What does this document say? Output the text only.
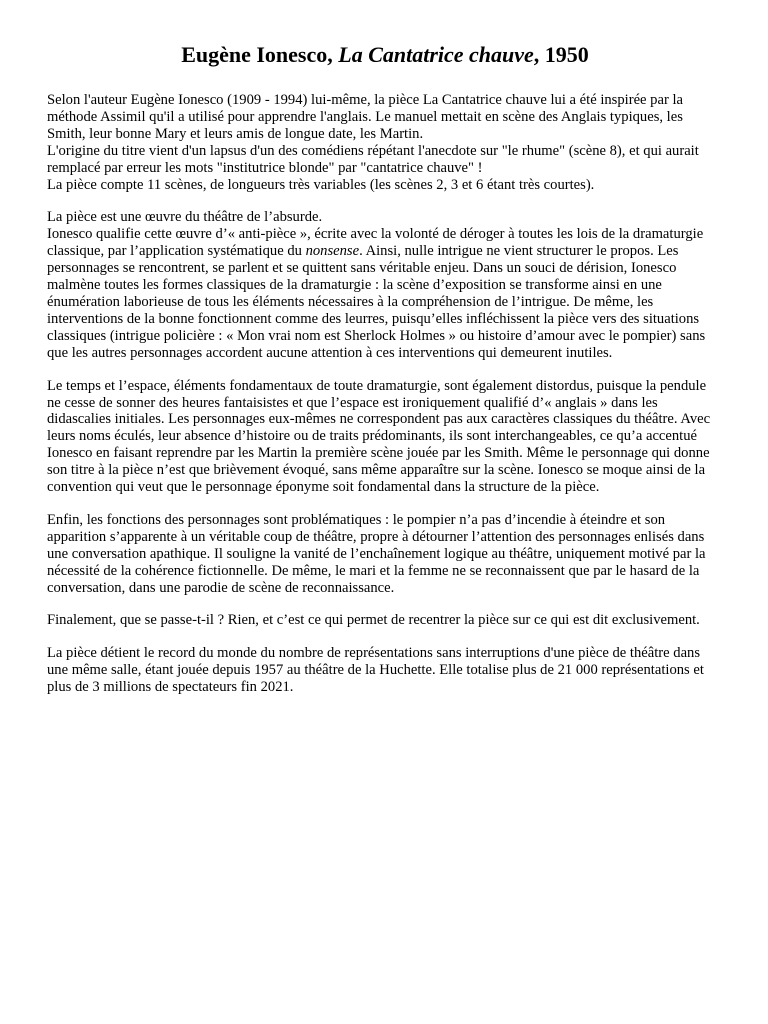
Eugène Ionesco, La Cantatrice chauve, 1950

Selon l'auteur Eugène Ionesco (1909 - 1994) lui-même, la pièce La Cantatrice chauve lui a été inspirée par la méthode Assimil qu'il a utilisé pour apprendre l'anglais. Le manuel mettait en scène des Anglais typiques, les Smith, leur bonne Mary et leurs amis de longue date, les Martin.
L'origine du titre vient d'un lapsus d'un des comédiens répétant l'anecdote sur "le rhume" (scène 8), et qui aurait remplacé par erreur les mots "institutrice blonde" par "cantatrice chauve" !
La pièce compte 11 scènes, de longueurs très variables (les scènes 2, 3 et 6 étant très courtes).

La pièce est une œuvre du théâtre de l’absurde.
Ionesco qualifie cette œuvre d’« anti-pièce », écrite avec la volonté de déroger à toutes les lois de la dramaturgie classique, par l’application systématique du nonsense. Ainsi, nulle intrigue ne vient structurer le propos. Les personnages se rencontrent, se parlent et se quittent sans véritable enjeu. Dans un souci de dérision, Ionesco malmène toutes les formes classiques de la dramaturgie : la scène d’exposition se transforme ainsi en une énumération laborieuse de tous les éléments nécessaires à la compréhension de l’intrigue. De même, les interventions de la bonne fonctionnent comme des leurres, puisqu’elles infléchissent la pièce vers des situations classiques (intrigue policière : « Mon vrai nom est Sherlock Holmes » ou histoire d’amour avec le pompier) sans que les autres personnages accordent aucune attention à ces interventions qui demeurent inutiles.

Le temps et l’espace, éléments fondamentaux de toute dramaturgie, sont également distordus, puisque la pendule ne cesse de sonner des heures fantaisistes et que l’espace est ironiquement qualifié d’« anglais » dans les didascalies initiales. Les personnages eux-mêmes ne correspondent pas aux caractères classiques du théâtre. Avec leurs noms éculés, leur absence d’histoire ou de traits prédominants, ils sont interchangeables, ce qu’a accentué Ionesco en faisant reprendre par les Martin la première scène jouée par les Smith. Même le personnage qui donne son titre à la pièce n’est que brièvement évoqué, sans même apparaître sur la scène. Ionesco se moque ainsi de la convention qui veut que le personnage éponyme soit fondamental dans la structure de la pièce.

Enfin, les fonctions des personnages sont problématiques : le pompier n’a pas d’incendie à éteindre et son apparition s’apparente à un véritable coup de théâtre, propre à détourner l’attention des personnages enlisés dans une conversation apathique. Il souligne la vanité de l’enchaînement logique au théâtre, uniquement motivé par la nécessité de la cohérence fictionnelle. De même, le mari et la femme ne se reconnaissent que par le hasard de la conversation, dans une parodie de scène de reconnaissance.

Finalement, que se passe-t-il ? Rien, et c’est ce qui permet de recentrer la pièce sur ce qui est dit exclusivement.

La pièce détient le record du monde du nombre de représentations sans interruptions d'une pièce de théâtre dans une même salle, étant jouée depuis 1957 au théâtre de la Huchette. Elle totalise plus de 21 000 représentations et plus de 3 millions de spectateurs fin 2021.
